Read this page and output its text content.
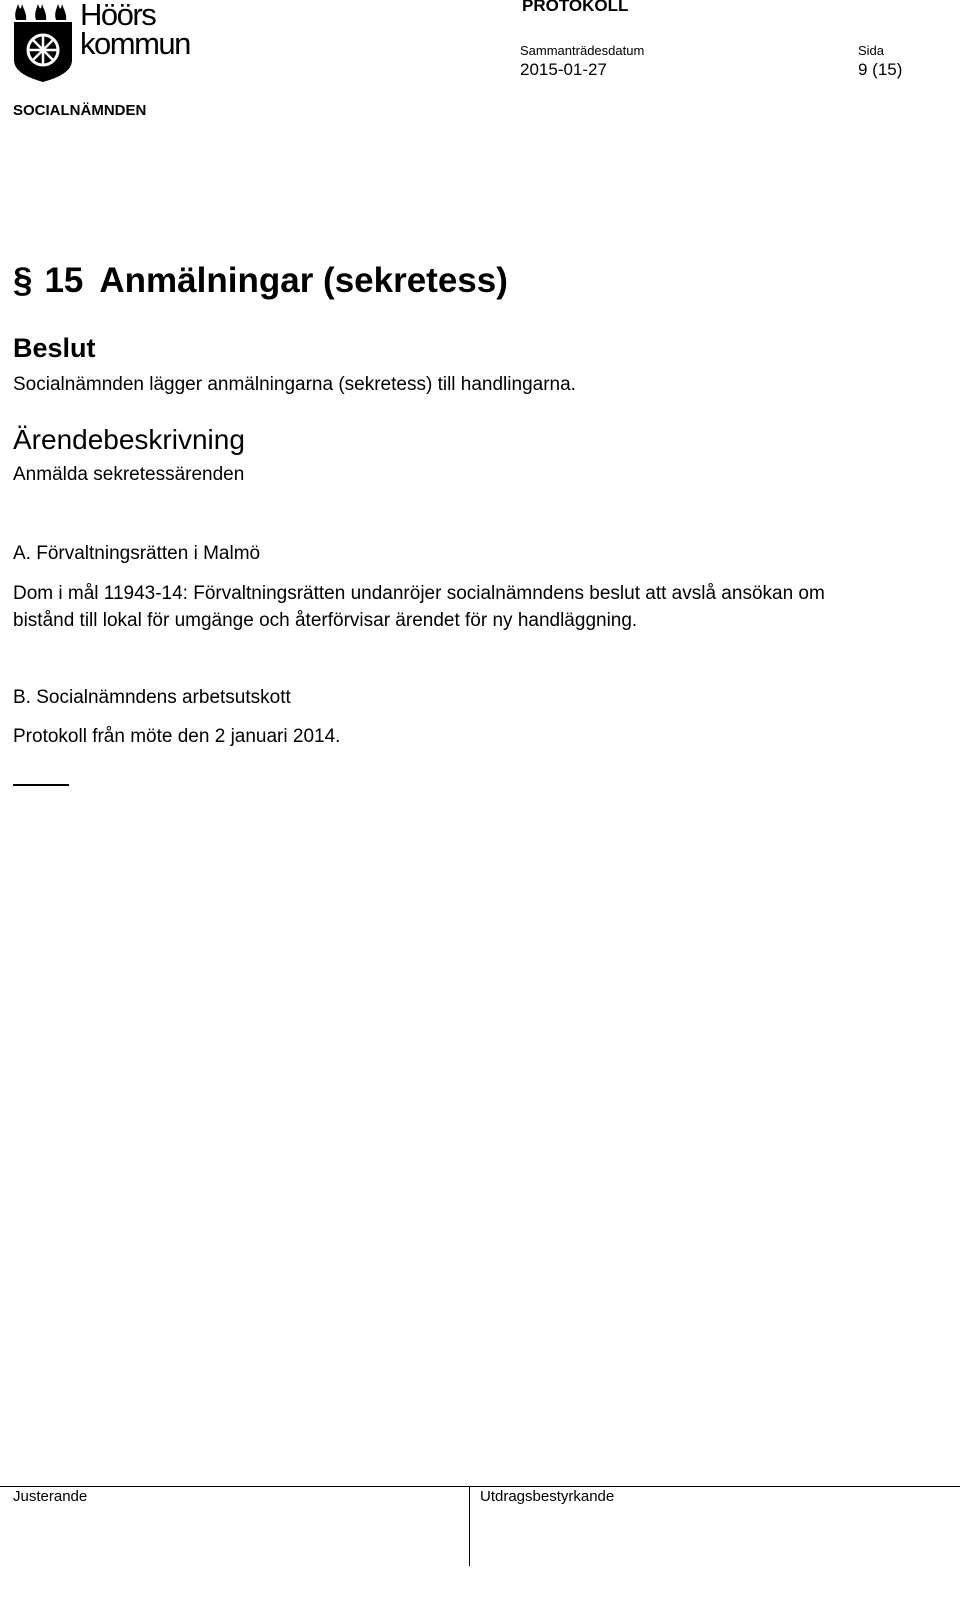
Höörs
kommun
PROTOKOLL
Sammanträdesdatum
2015-01-27
Sida
9 (15)
SOCIALNÄMNDEN
§ 15 Anmälningar (sekretess)
Beslut
Socialnämnden lägger anmälningarna (sekretess) till handlingarna.
Ärendebeskrivning
Anmälda sekretessärenden
A. Förvaltningsrätten i Malmö
Dom i mål 11943-14: Förvaltningsrätten undanröjer socialnämndens beslut att avslå ansökan om bistånd till lokal för umgänge och återförvisar ärendet för ny handläggning.
B. Socialnämndens arbetsutskott
Protokoll från möte den 2 januari 2014.
Justerande	Utdragsbestyrkande
